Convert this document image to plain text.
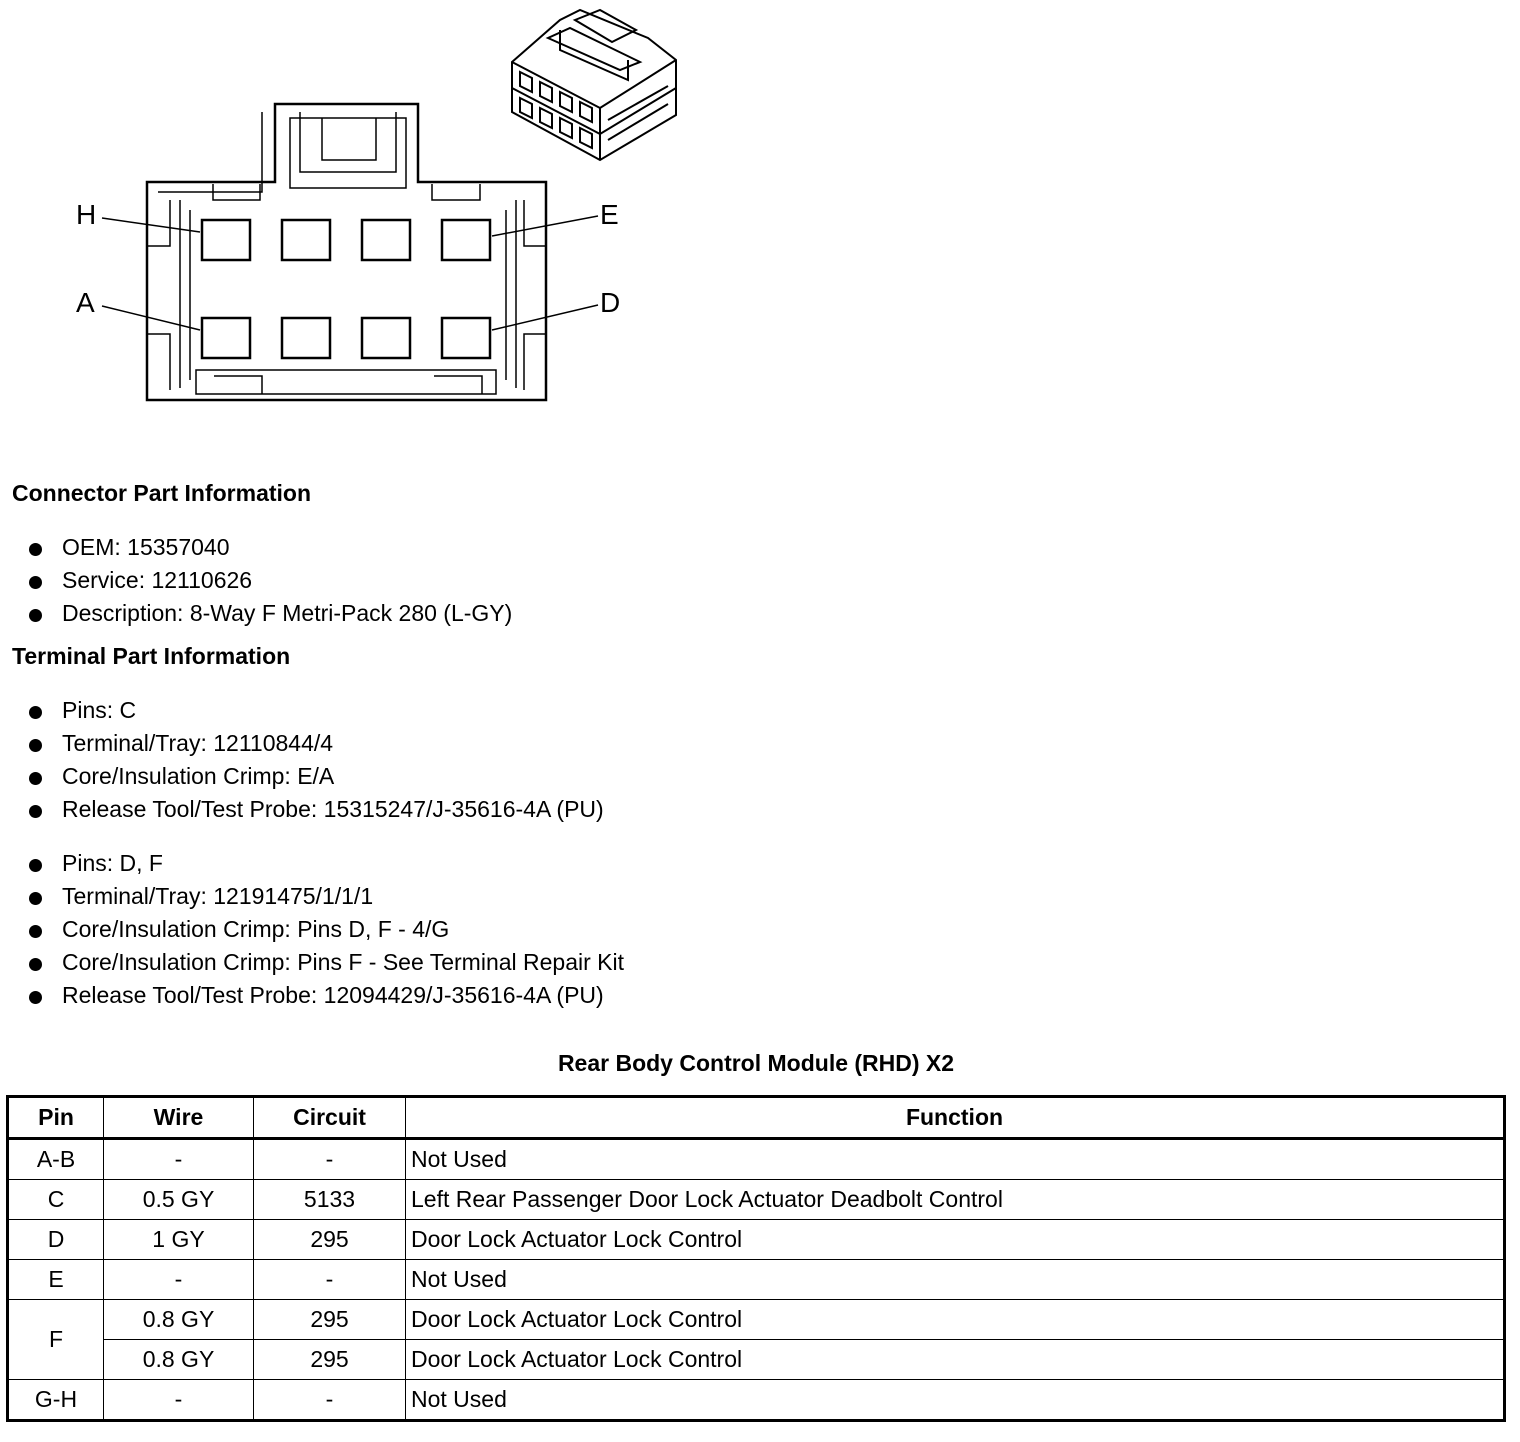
H	E
A	D
Connector Part Information
OEM: 15357040
Service: 12110626
Description: 8-Way F Metri-Pack 280 (L-GY)
Terminal Part Information
Pins: C
Terminal/Tray: 12110844/4
Core/Insulation Crimp: E/A
Release Tool/Test Probe: 15315247/J-35616-4A (PU)
Pins: D, F
Terminal/Tray: 12191475/1/1/1
Core/Insulation Crimp: Pins D, F - 4/G
Core/Insulation Crimp: Pins F - See Terminal Repair Kit
Release Tool/Test Probe: 12094429/J-35616-4A (PU)
Rear Body Control Module (RHD) X2
Pin	Wire	Circuit	Function
A-B	-	-	Not Used
C	0.5 GY	5133	Left Rear Passenger Door Lock Actuator Deadbolt Control
D	1 GY	295	Door Lock Actuator Lock Control
E	-	-	Not Used
F	0.8 GY	295	Door Lock Actuator Lock Control
	0.8 GY	295	Door Lock Actuator Lock Control
G-H	-	-	Not Used
